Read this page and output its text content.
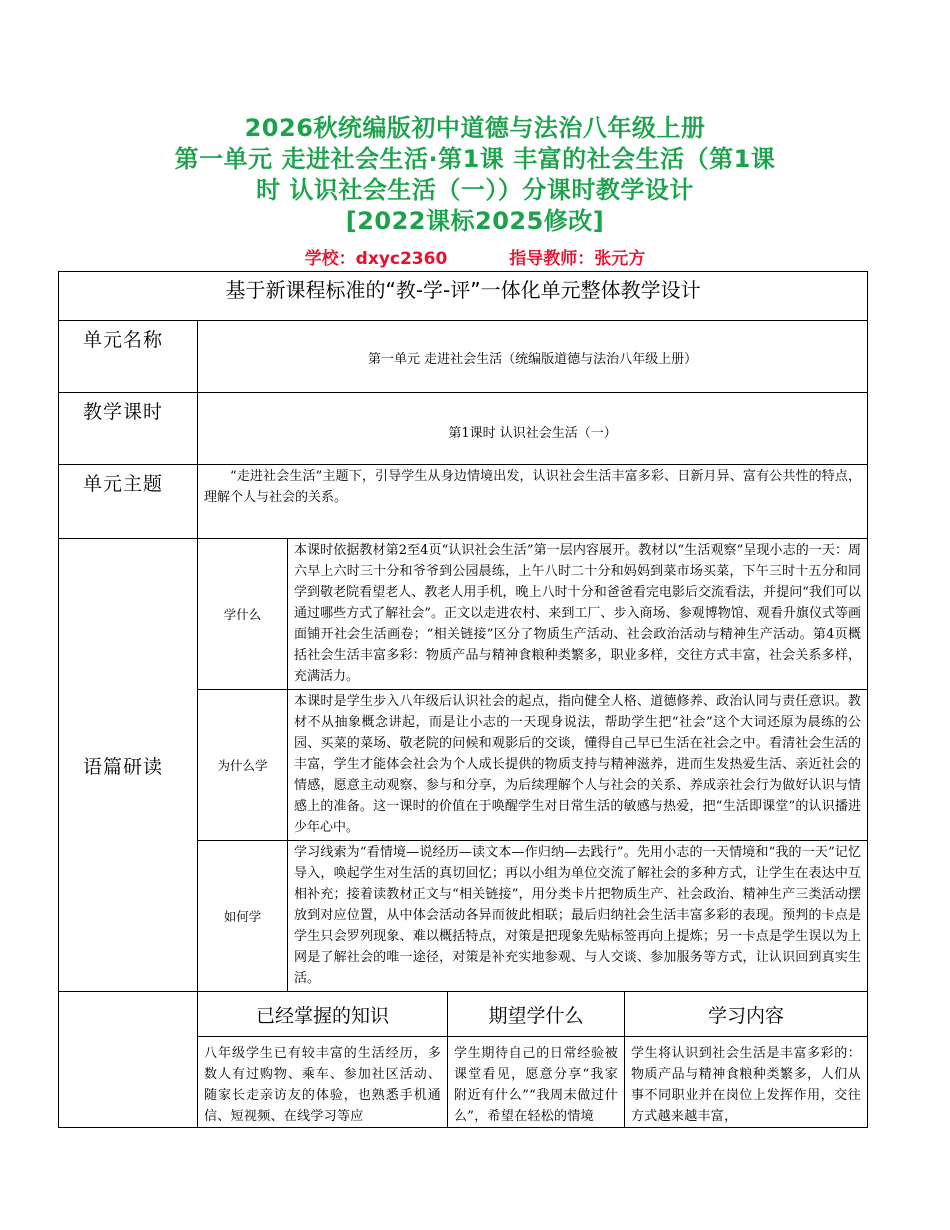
2026秋统编版初中道德与法治八年级上册

第一单元 走进社会生活·第1课 丰富的社会生活（第1课

时 认识社会生活（一））分课时教学设计

[2022课标2025修改]

学校：dxyc2360	指导教师：张元方
基于新课程标准的“教-学-评”一体化单元整体教学设计				
单元名称	第一单元 走进社会生活（统编版道德与法治八年级上册）			
教学课时	第1课时 认识社会生活（一）			
单元主题	“走进社会生活”主题下，引导学生从身边情境出发，认识社会生活丰富多彩、日新月异、富有公共性的特点，理解个人与社会的关系。			
语篇研读	学什么	本课时依据教材第2至4页“认识社会生活”第一层内容展开。教材以“生活观察”呈现小志的一天：周六早上六时三十分和爷爷到公园晨练，上午八时二十分和妈妈到菜市场买菜，下午三时十五分和同学到敬老院看望老人、教老人用手机，晚上八时十分和爸爸看完电影后交流看法，并提问“我们可以通过哪些方式了解社会”。正文以走进农村、来到工厂、步入商场、参观博物馆、观看升旗仪式等画面铺开社会生活画卷；“相关链接”区分了物质生产活动、社会政治活动与精神生产活动。第4页概括社会生活丰富多彩：物质产品与精神食粮种类繁多，职业多样，交往方式丰富，社会关系多样，充满活力。		
	为什么学	本课时是学生步入八年级后认识社会的起点，指向健全人格、道德修养、政治认同与责任意识。教材不从抽象概念讲起，而是让小志的一天现身说法，帮助学生把“社会”这个大词还原为晨练的公园、买菜的菜场、敬老院的问候和观影后的交谈，懂得自己早已生活在社会之中。看清社会生活的丰富，学生才能体会社会为个人成长提供的物质支持与精神滋养，进而生发热爱生活、亲近社会的情感，愿意主动观察、参与和分享，为后续理解个人与社会的关系、养成亲社会行为做好认识与情感上的准备。这一课时的价值在于唤醒学生对日常生活的敏感与热爱，把“生活即课堂”的认识播进少年心中。		
	如何学	学习线索为“看情境—说经历—读文本—作归纳—去践行”。先用小志的一天情境和“我的一天”记忆导入，唤起学生对生活的真切回忆；再以小组为单位交流了解社会的多种方式，让学生在表达中互相补充；接着读教材正文与“相关链接”，用分类卡片把物质生产、社会政治、精神生产三类活动摆放到对应位置，从中体会活动各异而彼此相联；最后归纳社会生活丰富多彩的表现。预判的卡点是学生只会罗列现象、难以概括特点，对策是把现象先贴标签再向上提炼；另一卡点是学生误以为上网是了解社会的唯一途径，对策是补充实地参观、与人交谈、参加服务等方式，让认识回到真实生活。		
	已经掌握的知识		期望学什么	学习内容
	八年级学生已有较丰富的生活经历，多数人有过购物、乘车、参加社区活动、随家长走亲访友的体验，也熟悉手机通信、短视频、在线学习等应		学生期待自己的日常经验被课堂看见，愿意分享“我家附近有什么”“我周末做过什么”，希望在轻松的情境	学生将认识到社会生活是丰富多彩的：物质产品与精神食粮种类繁多，人们从事不同职业并在岗位上发挥作用，交往方式越来越丰富，
